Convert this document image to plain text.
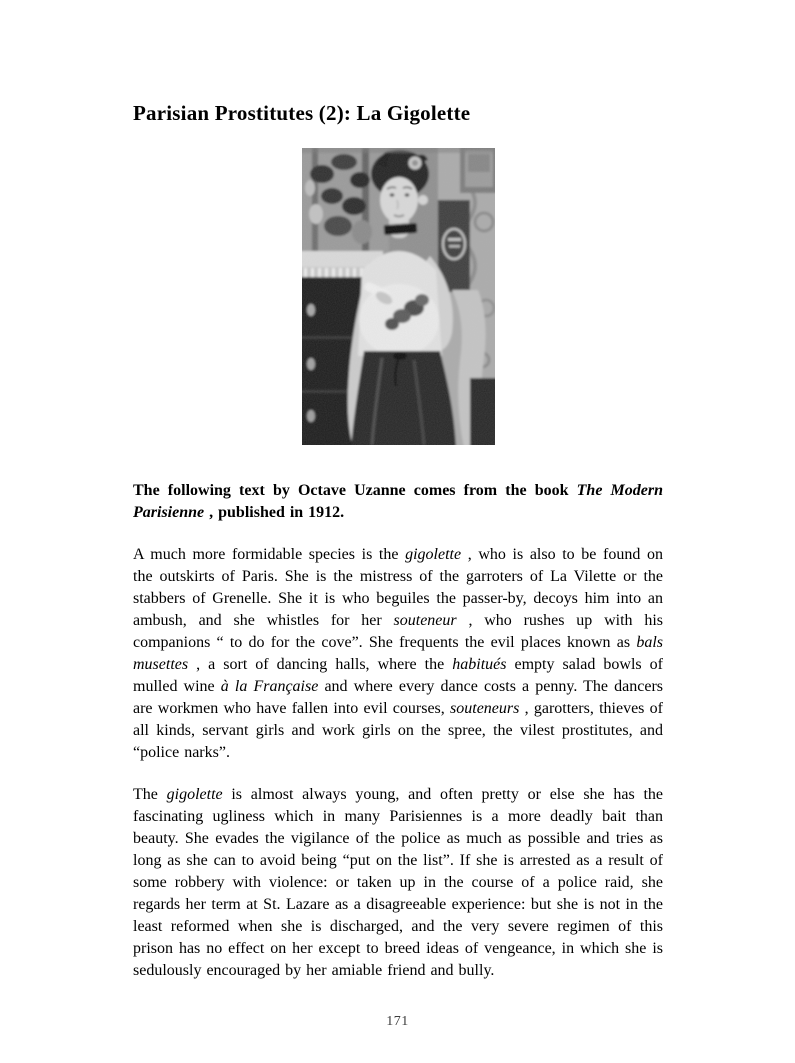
Parisian Prostitutes (2): La Gigolette

The following text by Octave Uzanne comes from the book The Modern Parisienne , published in 1912.

A much more formidable species is the gigolette , who is also to be found on the outskirts of Paris. She is the mistress of the garroters of La Vilette or the stabbers of Grenelle. She it is who beguiles the passer-by, decoys him into an ambush, and she whistles for her souteneur , who rushes up with his companions “ to do for the cove”. She frequents the evil places known as bals musettes , a sort of dancing halls, where the habitués empty salad bowls of mulled wine à la Française and where every dance costs a penny. The dancers are workmen who have fallen into evil courses, souteneurs , garotters, thieves of all kinds, servant girls and work girls on the spree, the vilest prostitutes, and “police narks”.

The gigolette is almost always young, and often pretty or else she has the fascinating ugliness which in many Parisiennes is a more deadly bait than beauty. She evades the vigilance of the police as much as possible and tries as long as she can to avoid being “put on the list”. If she is arrested as a result of some robbery with violence: or taken up in the course of a police raid, she regards her term at St. Lazare as a disagreeable experience: but she is not in the least reformed when she is discharged, and the very severe regimen of this prison has no effect on her except to breed ideas of vengeance, in which she is sedulously encouraged by her amiable friend and bully.

171
